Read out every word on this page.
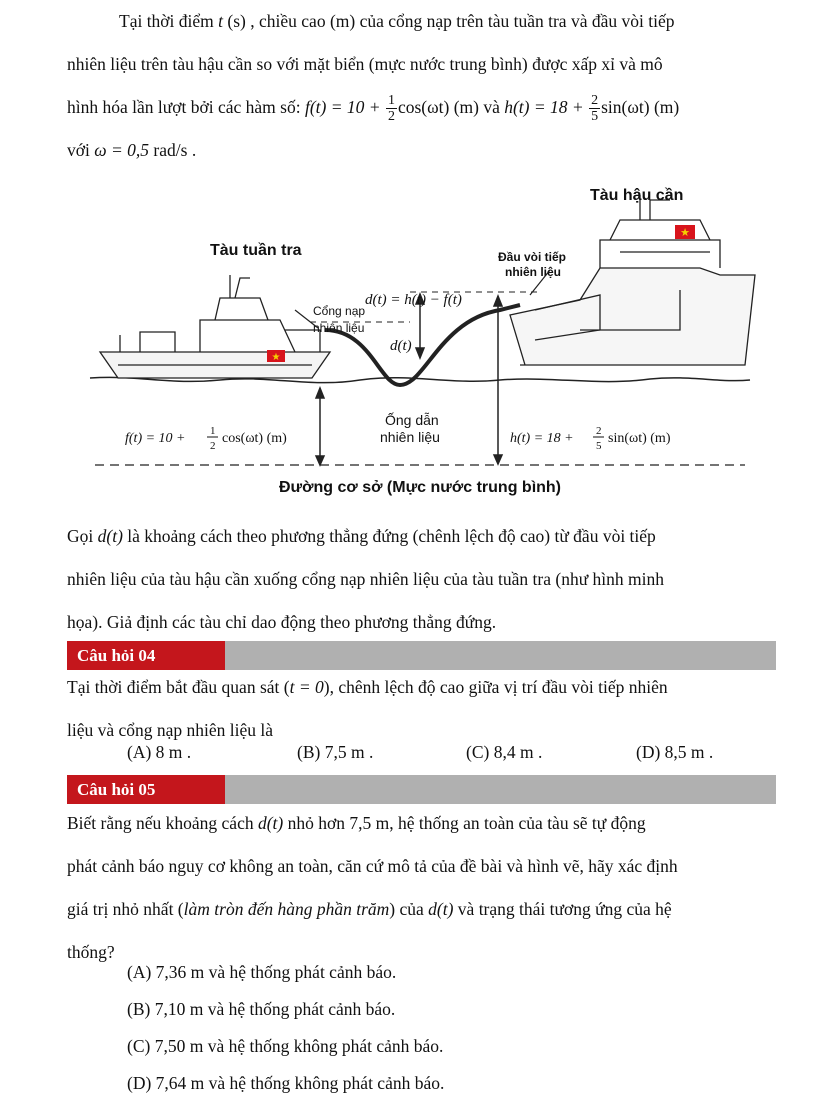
Tại thời điểm t (s) , chiều cao (m) của cổng nạp trên tàu tuần tra và đầu vòi tiếp
nhiên liệu trên tàu hậu cần so với mặt biển (mực nước trung bình) được xấp xỉ và mô
hình hóa lần lượt bởi các hàm số: $f(t) = 10 + \frac{1}{2} \cos(\omega t)$ (m) và $h(t) = 18 + \frac{2}{5} \sin(\omega t)$ (m)
với ω = 0,5 rad/s .
★
★
Tàu hậu cần
Tàu tuần tra	Đầu vòi tiếp
nhiên liệu
d(t) = h(t) − f(t)
Cổng nạp
nhiên liệu
d(t)
Ống dẫn
nhiên liệu
f(t) = 10 + 1
2 cos(ωt) (m)	h(t) = 18 + 2
5 sin(ωt) (m)
Đường cơ sở (Mực nước trung bình)
Gọi d(t) là khoảng cách theo phương thẳng đứng (chênh lệch độ cao) từ đầu vòi tiếp
nhiên liệu của tàu hậu cần xuống cổng nạp nhiên liệu của tàu tuần tra (như hình minh
họa). Giả định các tàu chỉ dao động theo phương thẳng đứng.
Câu hỏi 04
Tại thời điểm bắt đầu quan sát (t = 0), chênh lệch độ cao giữa vị trí đầu vòi tiếp nhiên
liệu và cổng nạp nhiên liệu là
(A) 8 m .	(B) 7,5 m .	(C) 8,4 m .	(D) 8,5 m .
Câu hỏi 05
Biết rằng nếu khoảng cách d(t) nhỏ hơn 7,5 m, hệ thống an toàn của tàu sẽ tự động
phát cảnh báo nguy cơ không an toàn, căn cứ mô tả của đề bài và hình vẽ, hãy xác định
giá trị nhỏ nhất (làm tròn đến hàng phần trăm) của d(t) và trạng thái tương ứng của hệ
thống?
(A) 7,36 m và hệ thống phát cảnh báo.
(B) 7,10 m và hệ thống phát cảnh báo.
(C) 7,50 m và hệ thống không phát cảnh báo.
(D) 7,64 m và hệ thống không phát cảnh báo.
